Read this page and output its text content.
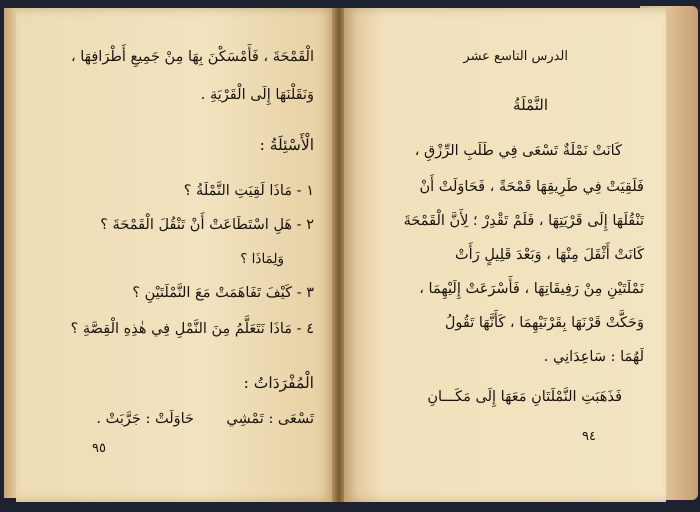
الْقَمْحَةَ ، فَأَمْسَكْنَ بِهَا مِنْ جَمِيعِ أَطْرَافِهَا ،
وَنَقَلْنَهَا إِلَى الْقَرْيَةِ .
الْأَسْئِلَةُ :
١ - مَاذَا لَقِيَتِ النَّمْلَةُ ؟
٢ - هَلِ اسْتَطَاعَتْ أَنْ تَنْقُلَ الْقَمْحَةَ ؟
وَلِمَاذَا ؟
٣ - كَيْفَ تَفَاهَمَتْ مَعَ النَّمْلَتَيْنِ ؟
٤ - مَاذَا نَتَعَلَّمُ مِنَ النَّمْلِ فِي هٰذِهِ الْقِصَّةِ ؟
الْمُفْرَدَاتُ :
تَسْعَى : تَمْشِي
حَاوَلَتْ : جَرَّبَتْ .
٩٥
الدرس التاسع عشر
النَّمْلَةُ
كَانَتْ نَمْلَةٌ تَسْعَى فِي طَلَبِ الرِّزْقِ ،
فَلَقِيَتْ فِي طَرِيقِهَا قَمْحَةً ، فَحَاوَلَتْ أَنْ
تَنْقُلَهَا إِلَى قَرْيَتِهَا ، فَلَمْ تَقْدِرْ ؛ لِأَنَّ الْقَمْحَةَ
كَانَتْ أَثْقَلَ مِنْهَا ، وَبَعْدَ قَلِيلٍ رَأَتْ
نَمْلَتَيْنِ مِنْ رَفِيقَاتِهَا ، فَأَسْرَعَتْ إِلَيْهِمَا ،
وَحَكَّتْ قَرْنَهَا بِقَرْنَيْهِمَا ، كَأَنَّهَا تَقُولُ
لَهُمَا : سَاعِدَانِي .
فَذَهَبَتِ النَّمْلَتَانِ مَعَهَا إِلَى مَكَـــانِ
٩٤
